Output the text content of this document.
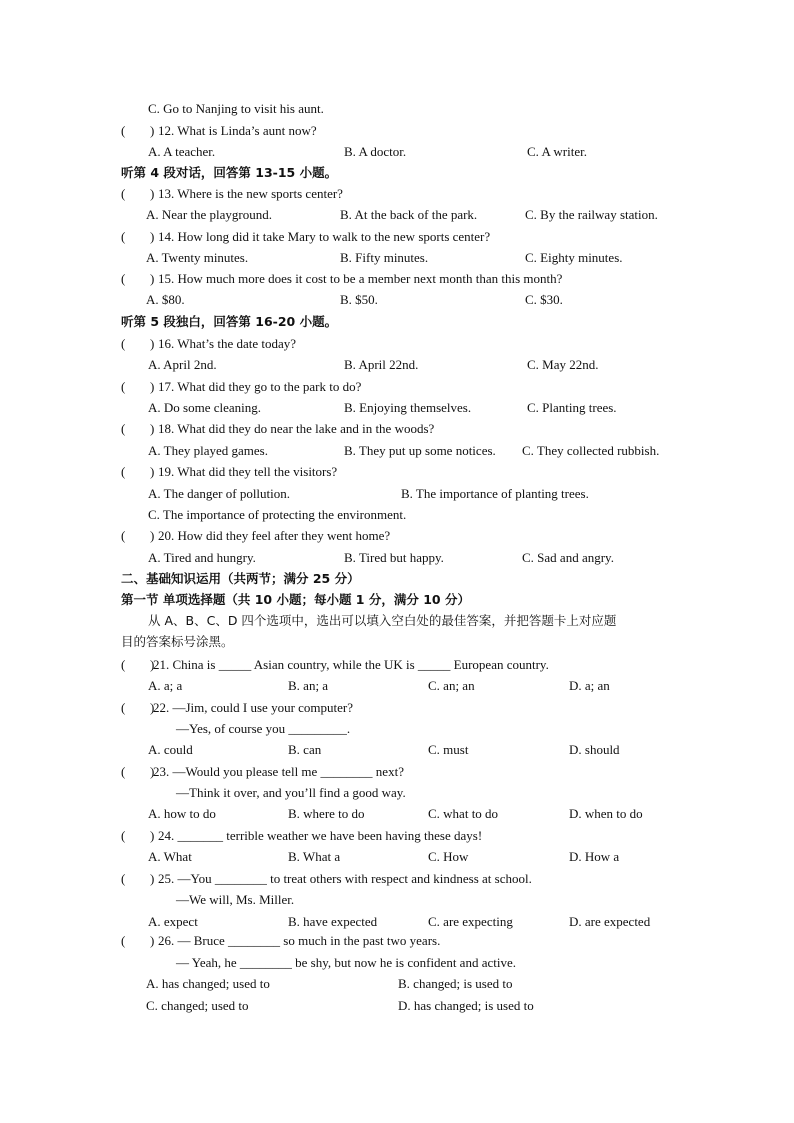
C. Go to Nanjing to visit his aunt.
( )
12. What is Linda’s aunt now?
A. A teacher.	B. A doctor.	C. A writer.
听第 4 段对话，回答第 13-15 小题。
( )
13. Where is the new sports center?
A. Near the playground.	B. At the back of the park.	C. By the railway station.
( )
14. How long did it take Mary to walk to the new sports center?
A. Twenty minutes.	B. Fifty minutes.	C. Eighty minutes.
( )
15. How much more does it cost to be a member next month than this month?
A. $80.	B. $50.	C. $30.
听第 5 段独白，回答第 16-20 小题。
( )
16. What’s the date today?
A. April 2nd.	B. April 22nd.	C. May 22nd.
( )
17. What did they go to the park to do?
A. Do some cleaning.	B. Enjoying themselves.	C. Planting trees.
( )
18. What did they do near the lake and in the woods?
A. They played games.	B. They put up some notices. C. They collected rubbish.
( )
19. What did they tell the visitors?
A. The danger of pollution.	B. The importance of planting trees.
C. The importance of protecting the environment.
( )
20. How did they feel after they went home?
A. Tired and hungry.	B. Tired but happy.	C. Sad and angry.
二、基础知识运用（共两节；满分 25 分）
第一节 单项选择题（共 10 小题；每小题 1 分，满分 10 分）
从 A、B、C、D 四个选项中，选出可以填入空白处的最佳答案，并把答题卡上对应题
目的答案标号涂黑。
( )
21. China is _____ Asian country, while the UK is _____ European country.
A. a; a	B. an; a	C. an; an	D. a; an
( )
22. —Jim, could I use your computer?
—Yes, of course you _________.
A. could	B. can	C. must	D. should
( )
23. —Would you please tell me ________ next?
—Think it over, and you’ll find a good way.
A. how to do	B. where to do	C. what to do	D. when to do
( )
24. _______ terrible weather we have been having these days!
A. What	B. What a	C. How	D. How a
( )
25. —You ________ to treat others with respect and kindness at school.
—We will, Ms. Miller.
A. expect	B. have expected	C. are expecting	D. are expected
( )
26. — Bruce ________ so much in the past two years.
— Yeah, he ________ be shy, but now he is confident and active.
A. has changed; used to	B. changed; is used to
C. changed; used to	D. has changed; is used to
